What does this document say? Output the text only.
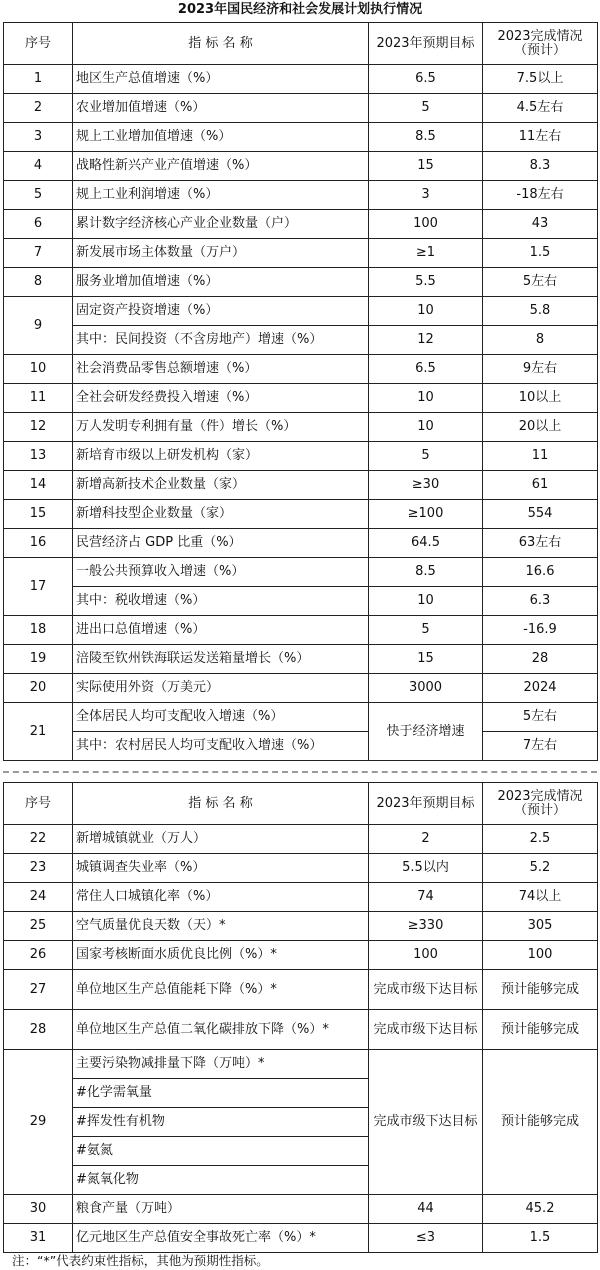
2023年国民经济和社会发展计划执行情况
序号	指 标 名 称	2023年预期目标	2023完成情况（预计）
1	地区生产总值增速（%）	6.5	7.5以上
2	农业增加值增速（%）	5	4.5左右
3	规上工业增加值增速（%）	8.5	11左右
4	战略性新兴产业产值增速（%）	15	8.3
5	规上工业利润增速（%）	3	-18左右
6	累计数字经济核心产业企业数量（户）	100	43
7	新发展市场主体数量（万户）	≥1	1.5
8	服务业增加值增速（%）	5.5	5左右
9	固定资产投资增速（%）	10	5.8
	其中：民间投资（不含房地产）增速（%）	12	8
10	社会消费品零售总额增速（%）	6.5	9左右
11	全社会研发经费投入增速（%）	10	10以上
12	万人发明专利拥有量（件）增长（%）	10	20以上
13	新培育市级以上研发机构（家）	5	11
14	新增高新技术企业数量（家）	≥30	61
15	新增科技型企业数量（家）	≥100	554
16	民营经济占 GDP 比重（%）	64.5	63左右
17	一般公共预算收入增速（%）	8.5	16.6
	其中：税收增速（%）	10	6.3
18	进出口总值增速（%）	5	-16.9
19	涪陵至钦州铁海联运发送箱量增长（%）	15	28
20	实际使用外资（万美元）	3000	2024
21	全体居民人均可支配收入增速（%）	快于经济增速	5左右
	其中：农村居民人均可支配收入增速（%）		7左右
序号	指 标 名 称	2023年预期目标	2023完成情况（预计）
22	新增城镇就业（万人）	2	2.5
23	城镇调查失业率（%）	5.5以内	5.2
24	常住人口城镇化率（%）	74	74以上
25	空气质量优良天数（天）*	≥330	305
26	国家考核断面水质优良比例（%）*	100	100
27	单位地区生产总值能耗下降（%）*	完成市级下达目标	预计能够完成
28	单位地区生产总值二氧化碳排放下降（%）*	完成市级下达目标	预计能够完成
29	主要污染物减排量下降（万吨）*	完成市级下达目标	预计能够完成
	#化学需氧量		
	#挥发性有机物		
	#氨氮		
	#氮氧化物		
30	粮食产量（万吨）	44	45.2
31	亿元地区生产总值安全事故死亡率（%）*	≤3	1.5
注：“*”代表约束性指标，其他为预期性指标。
